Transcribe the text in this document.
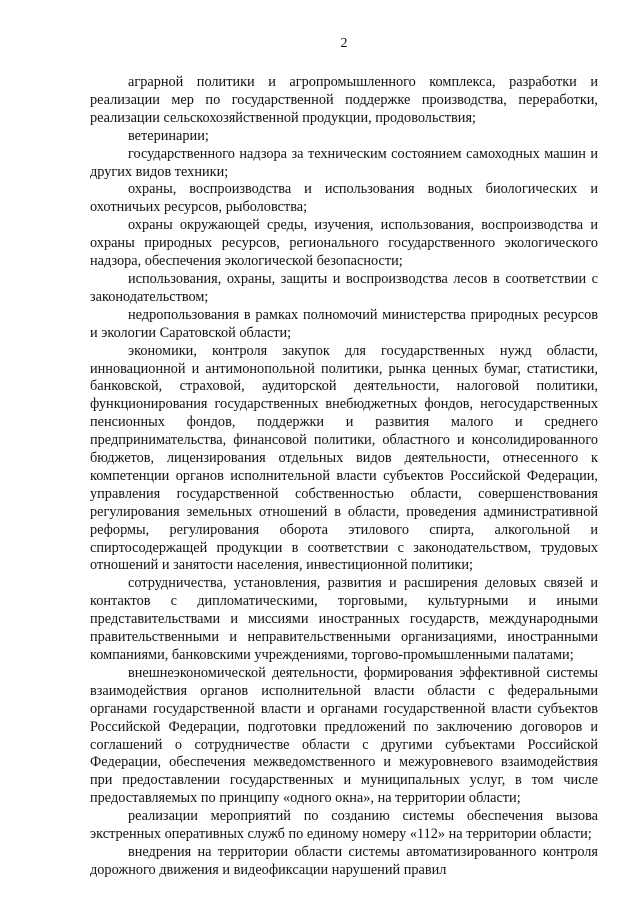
2

аграрной политики и агропромышленного комплекса, разработки и реализации мер по государственной поддержке производства, переработки, реализации сельскохозяйственной продукции, продовольствия;

ветеринарии;

государственного надзора за техническим состоянием самоходных машин и других видов техники;

охраны, воспроизводства и использования водных биологических и охотничьих ресурсов, рыболовства;

охраны окружающей среды, изучения, использования, воспроизводства и охраны природных ресурсов, регионального государственного экологического надзора, обеспечения экологической безопасности;

использования, охраны, защиты и воспроизводства лесов в соответствии с законодательством;

недропользования в рамках полномочий министерства природных ресурсов и экологии Саратовской области;

экономики, контроля закупок для государственных нужд области, инновационной и антимонопольной политики, рынка ценных бумаг, статистики, банковской, страховой, аудиторской деятельности, налоговой политики, функционирования государственных внебюджетных фондов, негосударственных пенсионных фондов, поддержки и развития малого и среднего предпринимательства, финансовой политики, областного и консолидированного бюджетов, лицензирования отдельных видов деятельности, отнесенного к компетенции органов исполнительной власти субъектов Российской Федерации, управления государственной собственностью области, совершенствования регулирования земельных отношений в области, проведения административной реформы, регулирования оборота этилового спирта, алкогольной и спиртосодержащей продукции в соответствии с законодательством, трудовых отношений и занятости населения, инвестиционной политики;

сотрудничества, установления, развития и расширения деловых связей и контактов с дипломатическими, торговыми, культурными и иными представительствами и миссиями иностранных государств, международными правительственными и неправительственными организациями, иностранными компаниями, банковскими учреждениями, торгово-промышленными палатами;

внешнеэкономической деятельности, формирования эффективной системы взаимодействия органов исполнительной власти области с федеральными органами государственной власти и органами государственной власти субъектов Российской Федерации, подготовки предложений по заключению договоров и соглашений о сотрудничестве области с другими субъектами Российской Федерации, обеспечения межведомственного и межуровневого взаимодействия при предоставлении государственных и муниципальных услуг, в том числе предоставляемых по принципу «одного окна», на территории области;

реализации мероприятий по созданию системы обеспечения вызова экстренных оперативных служб по единому номеру «112» на территории области;

внедрения на территории области системы автоматизированного контроля дорожного движения и видеофиксации нарушений правил
